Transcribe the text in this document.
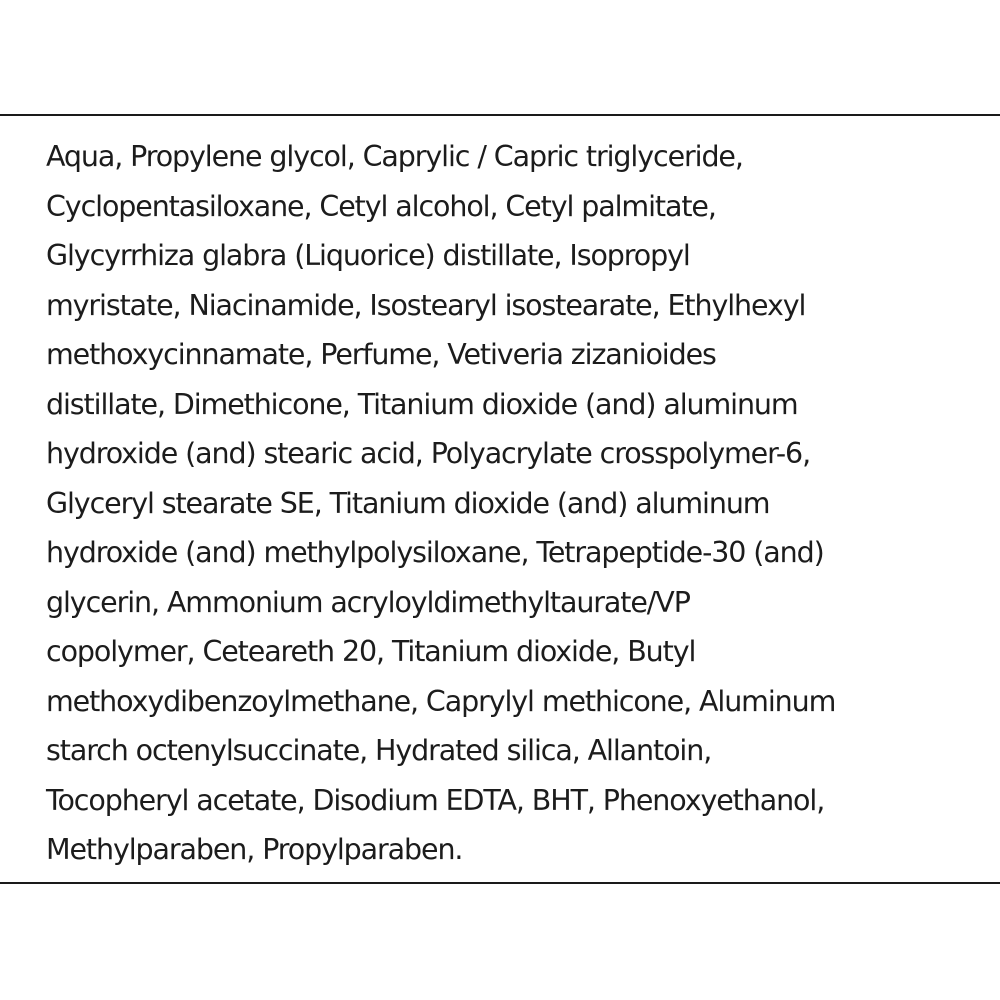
Aqua, Propylene glycol, Caprylic / Capric triglyceride,
Cyclopentasiloxane, Cetyl alcohol, Cetyl palmitate,
Glycyrrhiza glabra (Liquorice) distillate, Isopropyl
myristate, Niacinamide, Isostearyl isostearate, Ethylhexyl
methoxycinnamate, Perfume, Vetiveria zizanioides
distillate, Dimethicone, Titanium dioxide (and) aluminum
hydroxide (and) stearic acid, Polyacrylate crosspolymer-6,
Glyceryl stearate SE, Titanium dioxide (and) aluminum
hydroxide (and) methylpolysiloxane, Tetrapeptide-30 (and)
glycerin, Ammonium acryloyldimethyltaurate/VP
copolymer, Ceteareth 20, Titanium dioxide, Butyl
methoxydibenzoylmethane, Caprylyl methicone, Aluminum
starch octenylsuccinate, Hydrated silica, Allantoin,
Tocopheryl acetate, Disodium EDTA, BHT, Phenoxyethanol,
Methylparaben, Propylparaben.
